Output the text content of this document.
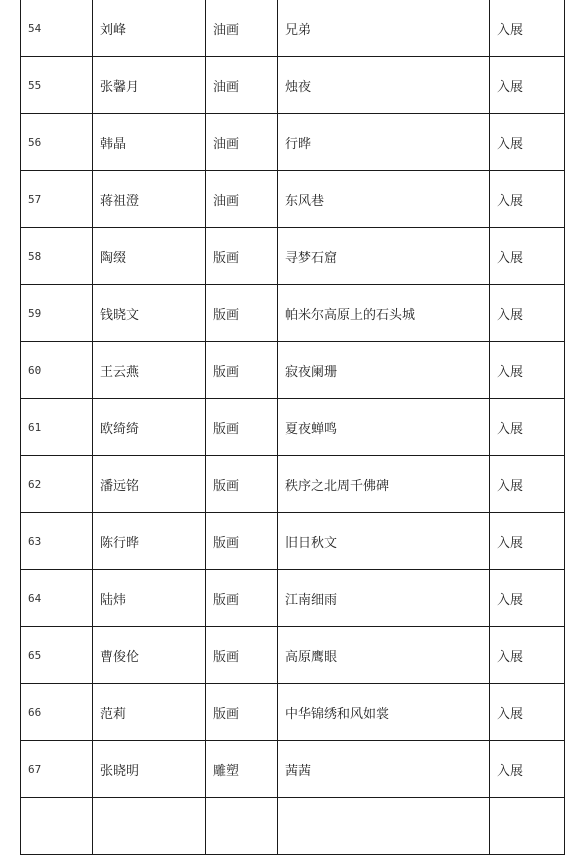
54	刘峰	油画	兄弟	入展
55	张馨月	油画	烛夜	入展
56	韩晶	油画	行晔	入展
57	蒋祖澄	油画	东风巷	入展
58	陶缀	版画	寻梦石窟	入展
59	钱晓文	版画	帕米尔高原上的石头城	入展
60	王云燕	版画	寂夜阑珊	入展
61	欧绮绮	版画	夏夜蝉鸣	入展
62	潘远铭	版画	秩序之北周千佛碑	入展
63	陈行晔	版画	旧日秋文	入展
64	陆炜	版画	江南细雨	入展
65	曹俊伦	版画	高原鹰眼	入展
66	范莉	版画	中华锦绣和风如裳	入展
67	张晓明	雕塑	茜茜	入展
